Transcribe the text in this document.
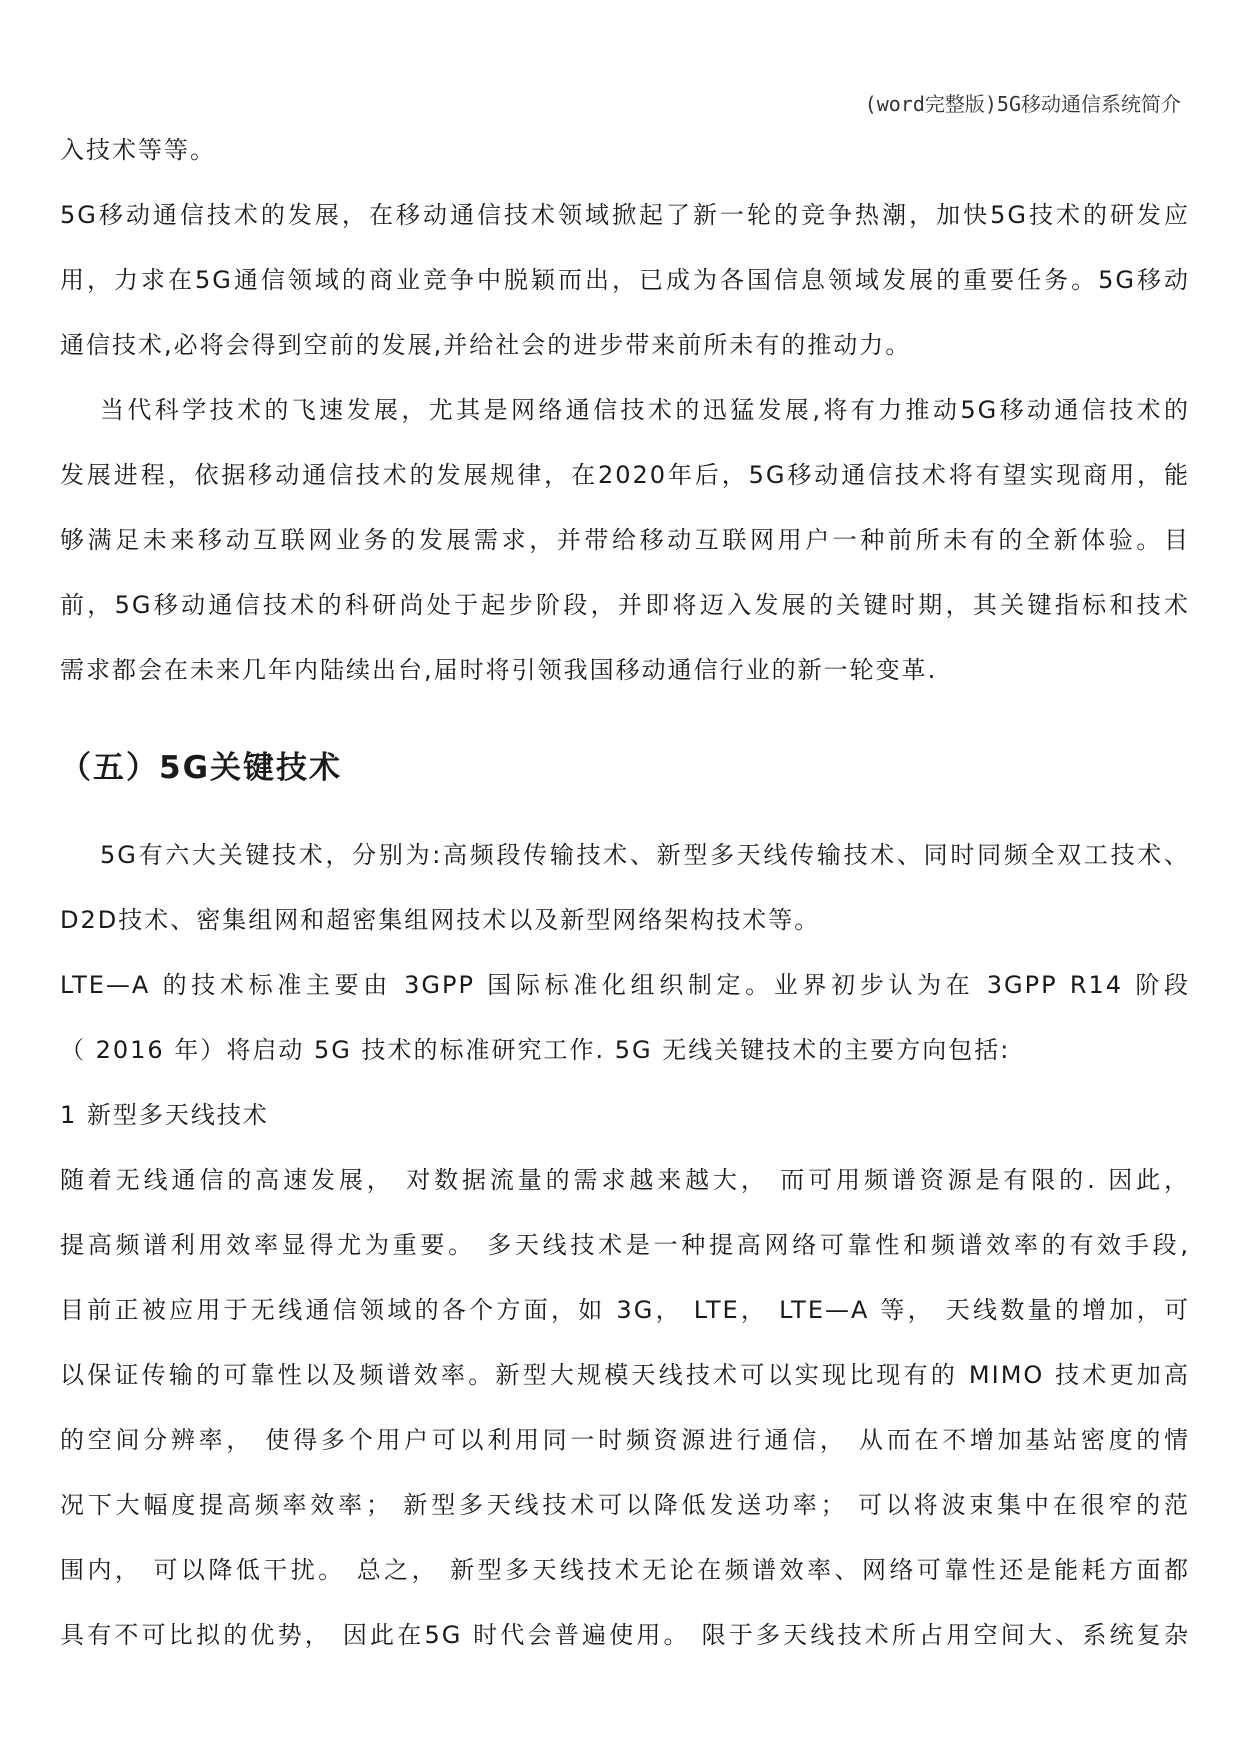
(word完整版)5G移动通信系统简介
入技术等等。
5G移动通信技术的发展，在移动通信技术领域掀起了新一轮的竞争热潮，加快5G技术的研发应
用，力求在5G通信领域的商业竞争中脱颖而出，已成为各国信息领域发展的重要任务。5G移动
通信技术,必将会得到空前的发展,并给社会的进步带来前所未有的推动力。
当代科学技术的飞速发展，尤其是网络通信技术的迅猛发展,将有力推动5G移动通信技术的
发展进程，依据移动通信技术的发展规律，在2020年后，5G移动通信技术将有望实现商用，能
够满足未来移动互联网业务的发展需求，并带给移动互联网用户一种前所未有的全新体验。目
前，5G移动通信技术的科研尚处于起步阶段，并即将迈入发展的关键时期，其关键指标和技术
需求都会在未来几年内陆续出台,届时将引领我国移动通信行业的新一轮变革.
（五）5G关键技术
5G有六大关键技术，分别为:高频段传输技术、新型多天线传输技术、同时同频全双工技术、
D2D技术、密集组网和超密集组网技术以及新型网络架构技术等。
LTE—A 的技术标准主要由 3GPP 国际标准化组织制定。业界初步认为在 3GPP R14 阶段
（ 2016 年）将启动 5G 技术的标准研究工作. 5G 无线关键技术的主要方向包括:
1 新型多天线技术
随着无线通信的高速发展， 对数据流量的需求越来越大， 而可用频谱资源是有限的. 因此，
提高频谱利用效率显得尤为重要。 多天线技术是一种提高网络可靠性和频谱效率的有效手段,
目前正被应用于无线通信领域的各个方面，如 3G， LTE， LTE—A 等， 天线数量的增加，可
以保证传输的可靠性以及频谱效率。新型大规模天线技术可以实现比现有的 MIMO 技术更加高
的空间分辨率， 使得多个用户可以利用同一时频资源进行通信， 从而在不增加基站密度的情
况下大幅度提高频率效率； 新型多天线技术可以降低发送功率； 可以将波束集中在很窄的范
围内， 可以降低干扰。 总之， 新型多天线技术无论在频谱效率、网络可靠性还是能耗方面都
具有不可比拟的优势， 因此在5G 时代会普遍使用。 限于多天线技术所占用空间大、系统复杂
